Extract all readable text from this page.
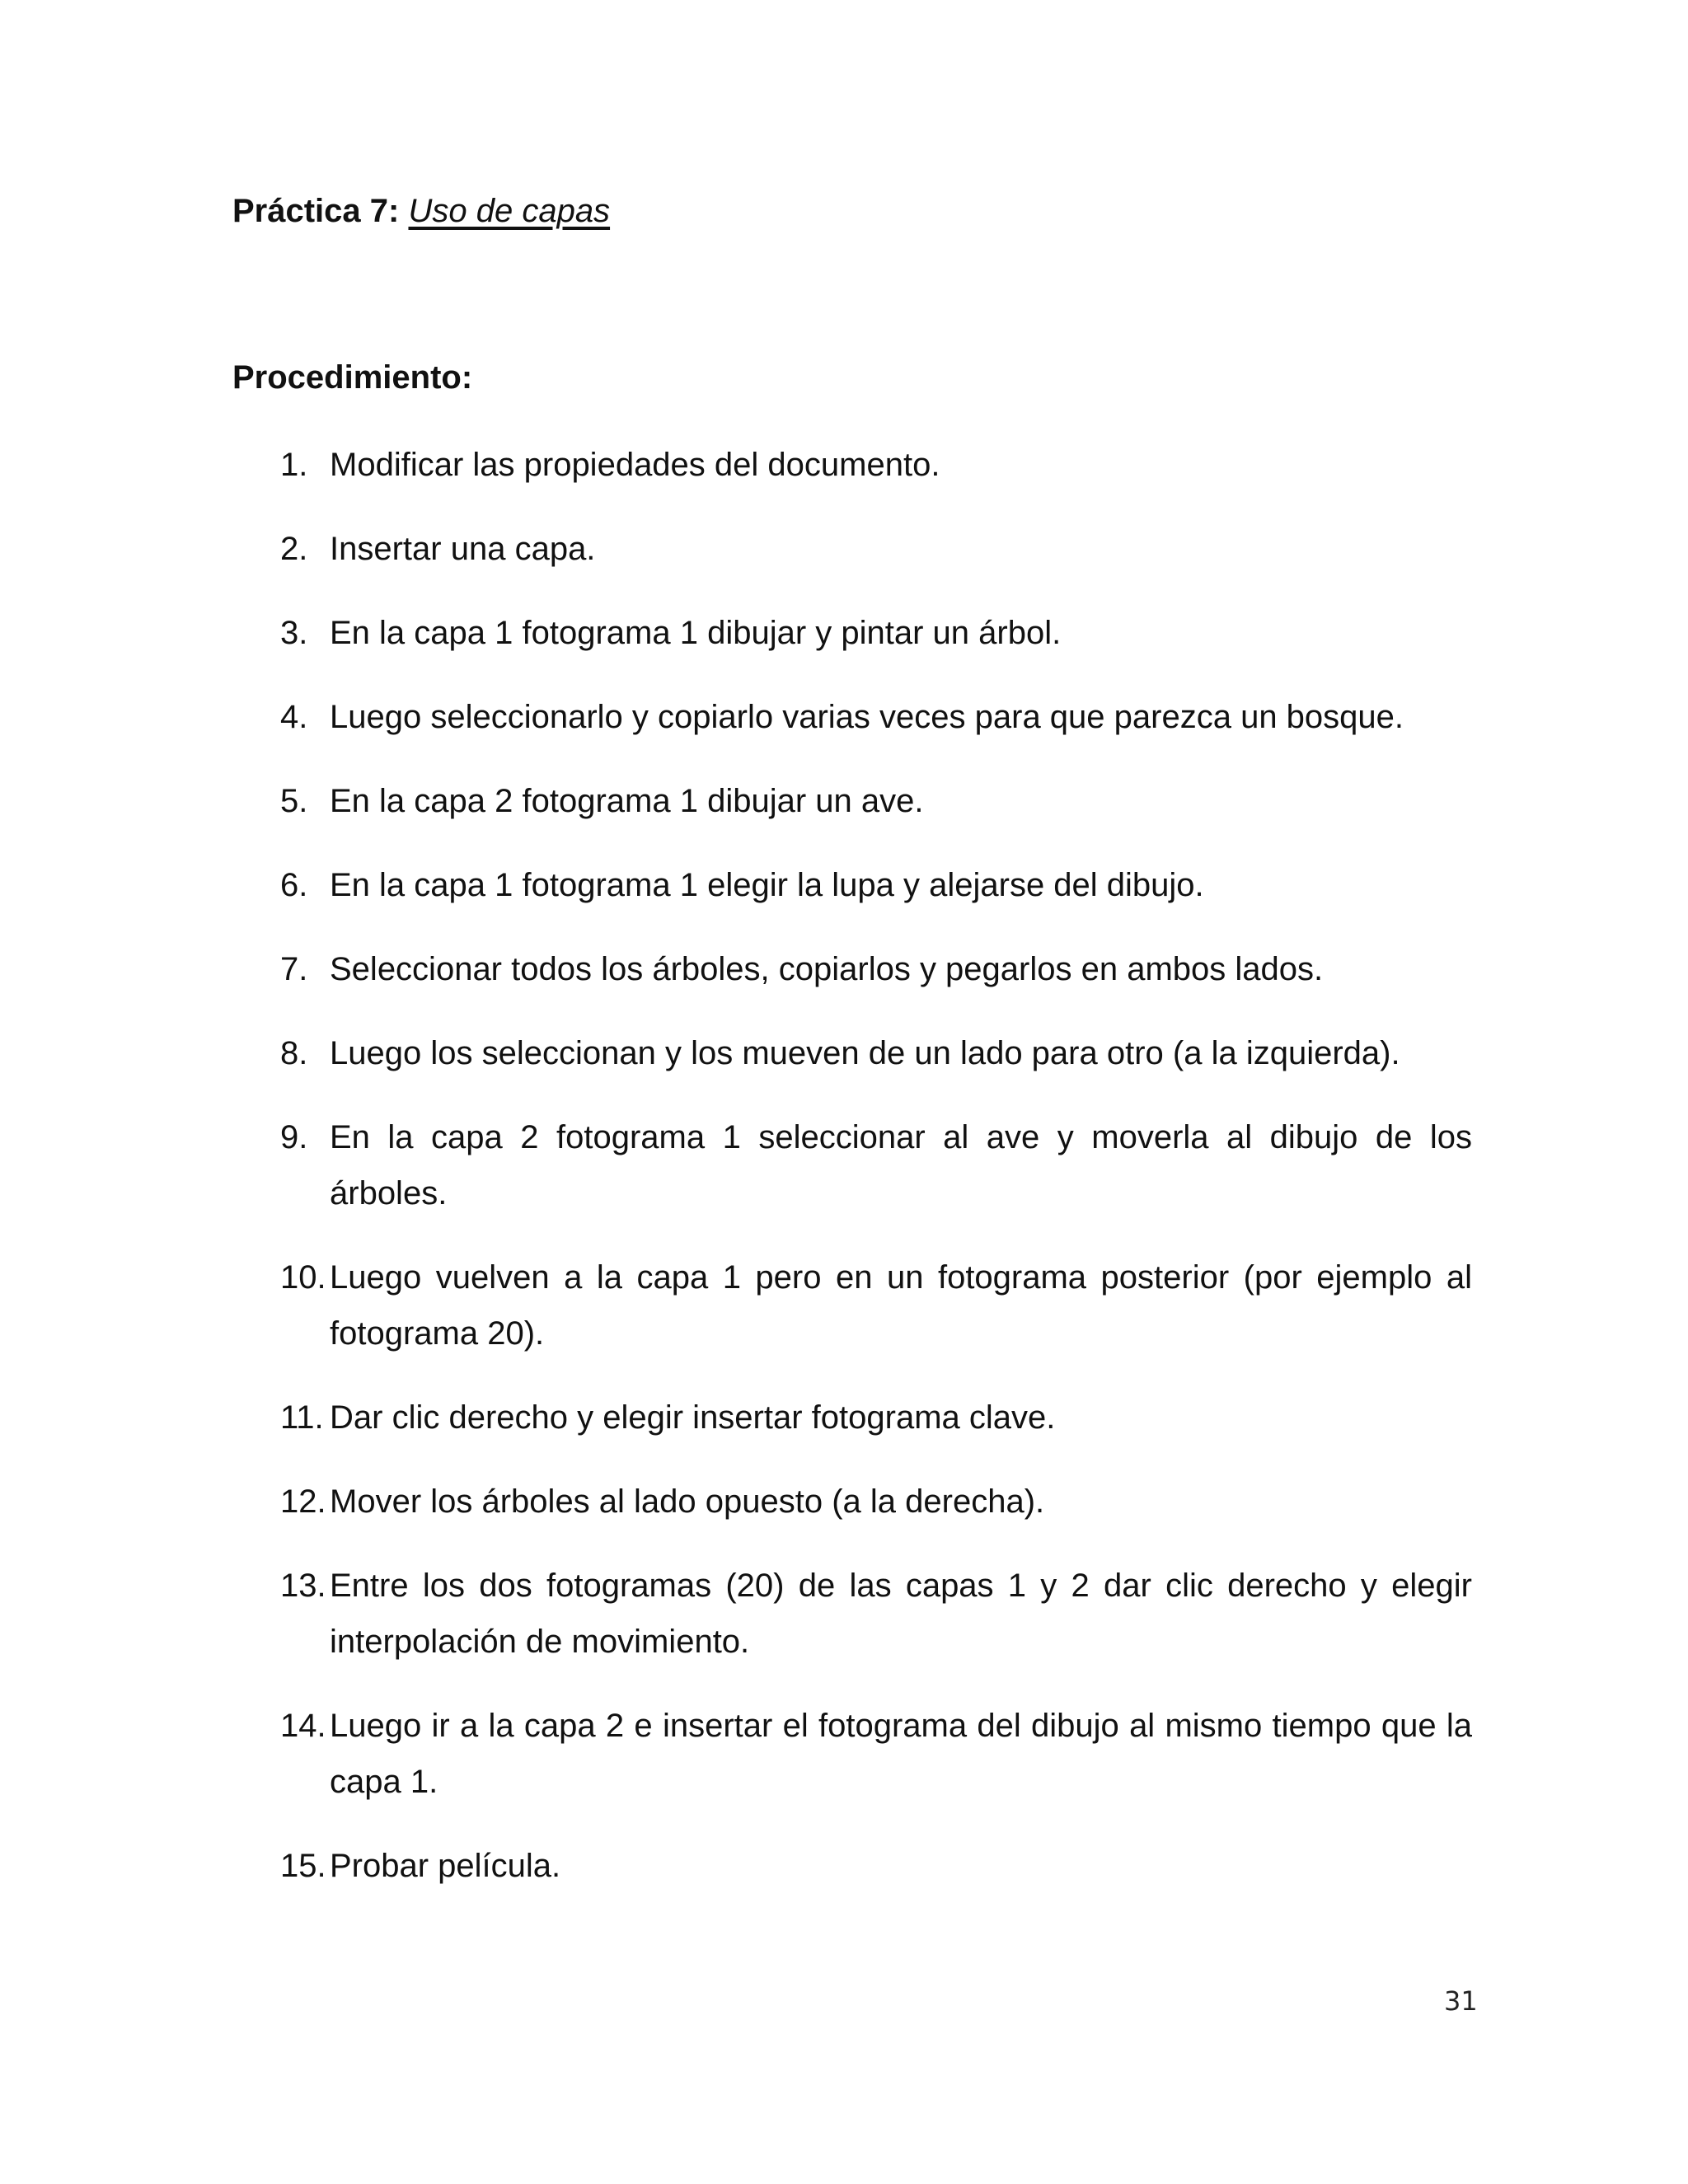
Práctica 7: Uso de capas
Procedimiento:
1. Modificar las propiedades del documento.
2. Insertar una capa.
3. En la capa 1 fotograma 1 dibujar y pintar un árbol.
4. Luego seleccionarlo y copiarlo varias veces para que parezca un bosque.
5. En la capa 2 fotograma 1 dibujar un ave.
6. En la capa 1 fotograma 1 elegir la lupa y alejarse del dibujo.
7. Seleccionar todos los árboles, copiarlos y pegarlos en ambos lados.
8. Luego los seleccionan y los mueven de un lado para otro (a la izquierda).
9. En la capa 2 fotograma 1 seleccionar al ave y moverla al dibujo de los árboles.
10. Luego vuelven a la capa 1 pero en un fotograma posterior (por ejemplo al fotograma 20).
11. Dar clic derecho y elegir insertar fotograma clave.
12. Mover los árboles al lado opuesto (a la derecha).
13. Entre los dos fotogramas (20) de las capas 1 y 2 dar clic derecho y elegir interpolación de movimiento.
14. Luego ir a la capa 2 e insertar el fotograma del dibujo al mismo tiempo que la capa 1.
15. Probar película.
31
